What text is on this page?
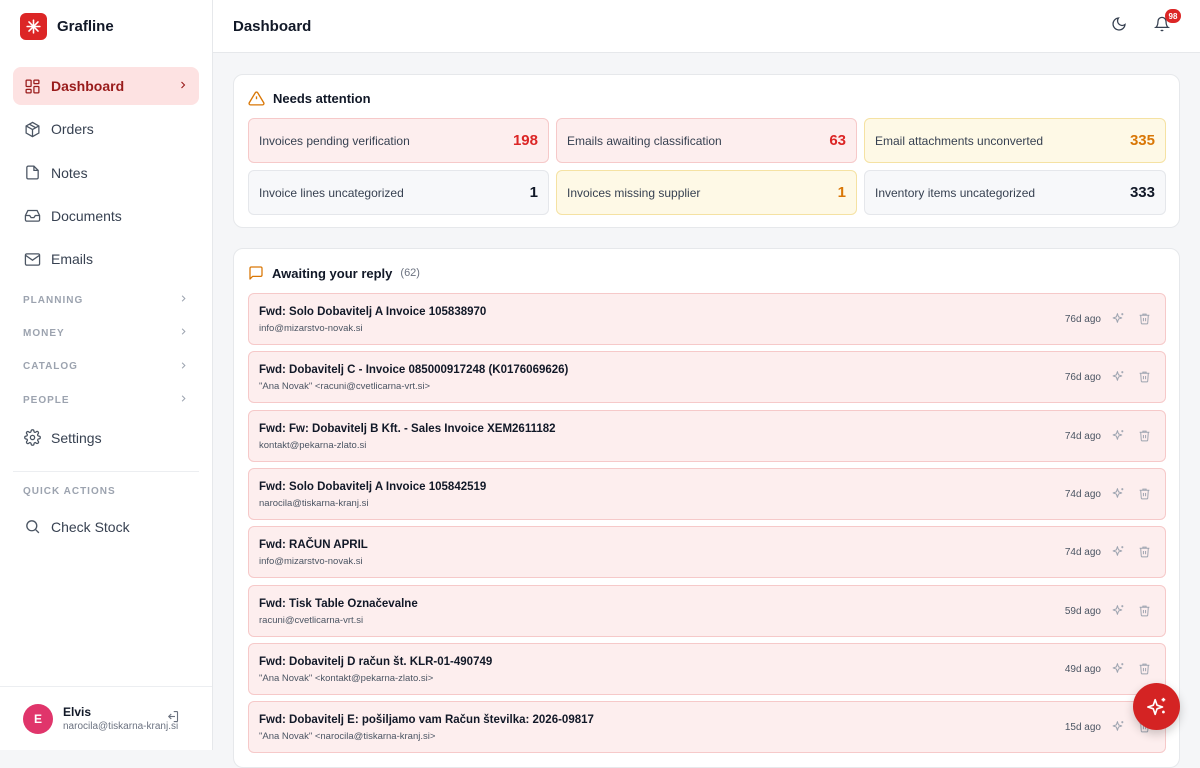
Grafline
Dashboard
Orders
Notes
Documents
Emails
PLANNING
MONEY
CATALOG
PEOPLE
Settings
QUICK ACTIONS
Check Stock
E	Elvis
narocila@tiskarna-kranj.si
Dashboard
98
Needs attention
Invoices pending verification	198 Emails awaiting classification	63 Email attachments unconverted	335
Invoice lines uncategorized	1 Invoices missing supplier	1 Inventory items uncategorized	333
Awaiting your reply (62)
Fwd: Solo Dobavitelj A Invoice 105838970
info@mizarstvo-novak.si
76d ago
Fwd: Dobavitelj C - Invoice 085000917248 (K0176069626)
"Ana Novak" <racuni@cvetlicarna-vrt.si>
76d ago
Fwd: Fw: Dobavitelj B Kft. - Sales Invoice XEM2611182
kontakt@pekarna-zlato.si
74d ago
Fwd: Solo Dobavitelj A Invoice 105842519
narocila@tiskarna-kranj.si
74d ago
Fwd: RAČUN APRIL
info@mizarstvo-novak.si
74d ago
Fwd: Tisk Table Označevalne
racuni@cvetlicarna-vrt.si
59d ago
Fwd: Dobavitelj D račun št. KLR-01-490749
"Ana Novak" <kontakt@pekarna-zlato.si>
49d ago
Fwd: Dobavitelj E: pošiljamo vam Račun številka: 2026-09817
"Ana Novak" <narocila@tiskarna-kranj.si>
15d ago
